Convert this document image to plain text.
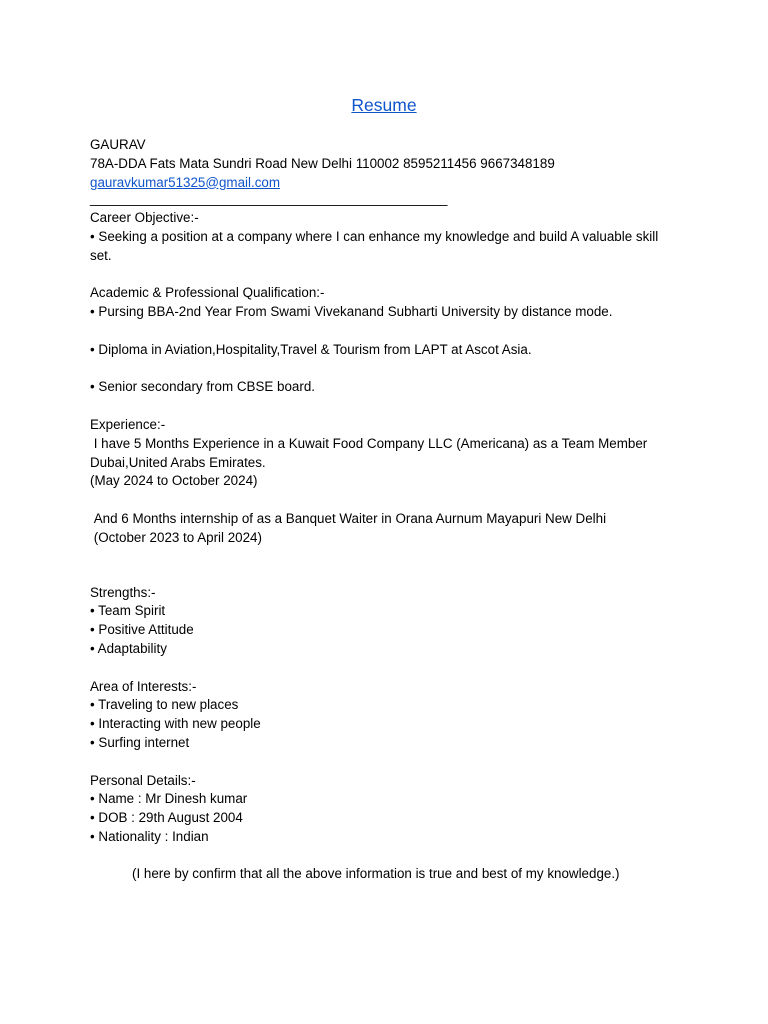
Resume
GAURAV
78A-DDA Fats Mata Sundri Road New Delhi 110002 8595211456 9667348189
gauravkumar51325@gmail.com
________________________________________________
Career Objective:-
• Seeking a position at a company where I can enhance my knowledge and build A valuable skill set.
Academic & Professional Qualification:-
• Pursing BBA-2nd Year From Swami Vivekanand Subharti University by distance mode.
• Diploma in Aviation,Hospitality,Travel & Tourism from LAPT at Ascot Asia.
• Senior secondary from CBSE board.
Experience:-
I have 5 Months Experience in a Kuwait Food Company LLC (Americana) as a Team Member Dubai,United Arabs Emirates.
(May 2024 to October 2024)
And 6 Months internship of as a Banquet Waiter in Orana Aurnum Mayapuri New Delhi
(October 2023 to April 2024)
Strengths:-
• Team Spirit
• Positive Attitude
• Adaptability
Area of Interests:-
• Traveling to new places
• Interacting with new people
• Surfing internet
Personal Details:-
• Name : Mr Dinesh kumar
• DOB : 29th August 2004
• Nationality : Indian
(I here by confirm that all the above information is true and best of my knowledge.)
